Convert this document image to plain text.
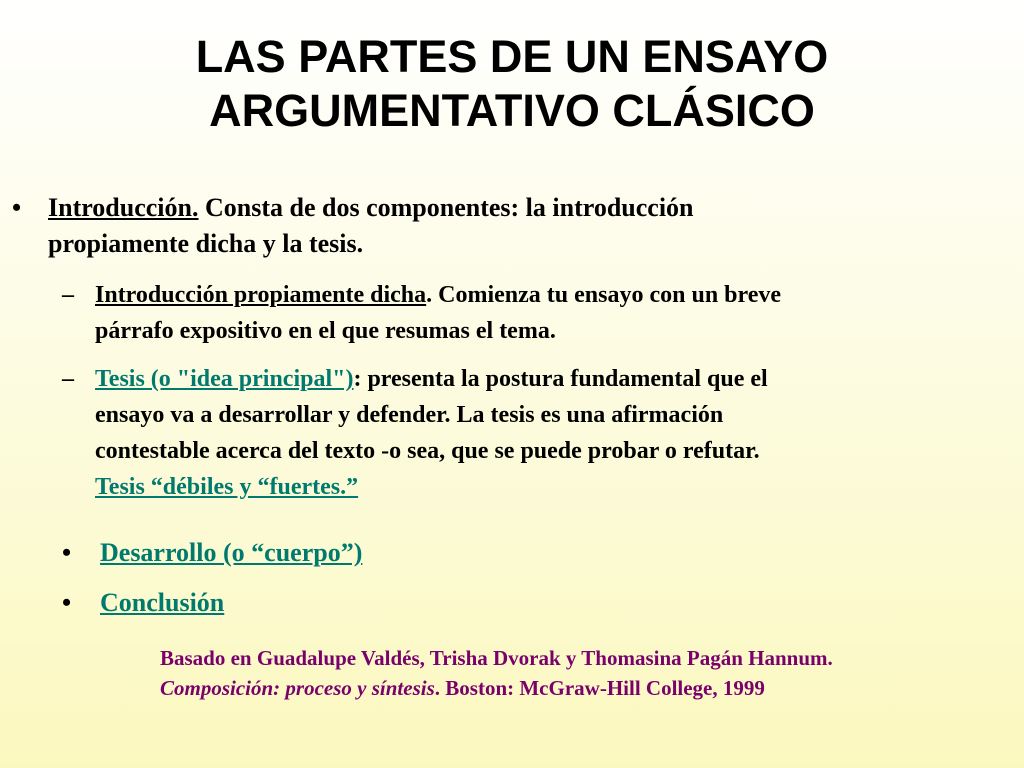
LAS PARTES DE UN ENSAYO
ARGUMENTATIVO CLÁSICO
• Introducción. Consta de dos componentes: la introducción
propiamente dicha y la tesis.
– Introducción propiamente dicha. Comienza tu ensayo con un breve
párrafo expositivo en el que resumas el tema.
– Tesis (o "idea principal"): presenta la postura fundamental que el
ensayo va a desarrollar y defender. La tesis es una afirmación
contestable acerca del texto -o sea, que se puede probar o refutar.
Tesis “débiles y “fuertes.”
• Desarrollo (o “cuerpo”)
• Conclusión
Basado en Guadalupe Valdés, Trisha Dvorak y Thomasina Pagán Hannum.
Composición: proceso y síntesis. Boston: McGraw-Hill College, 1999
